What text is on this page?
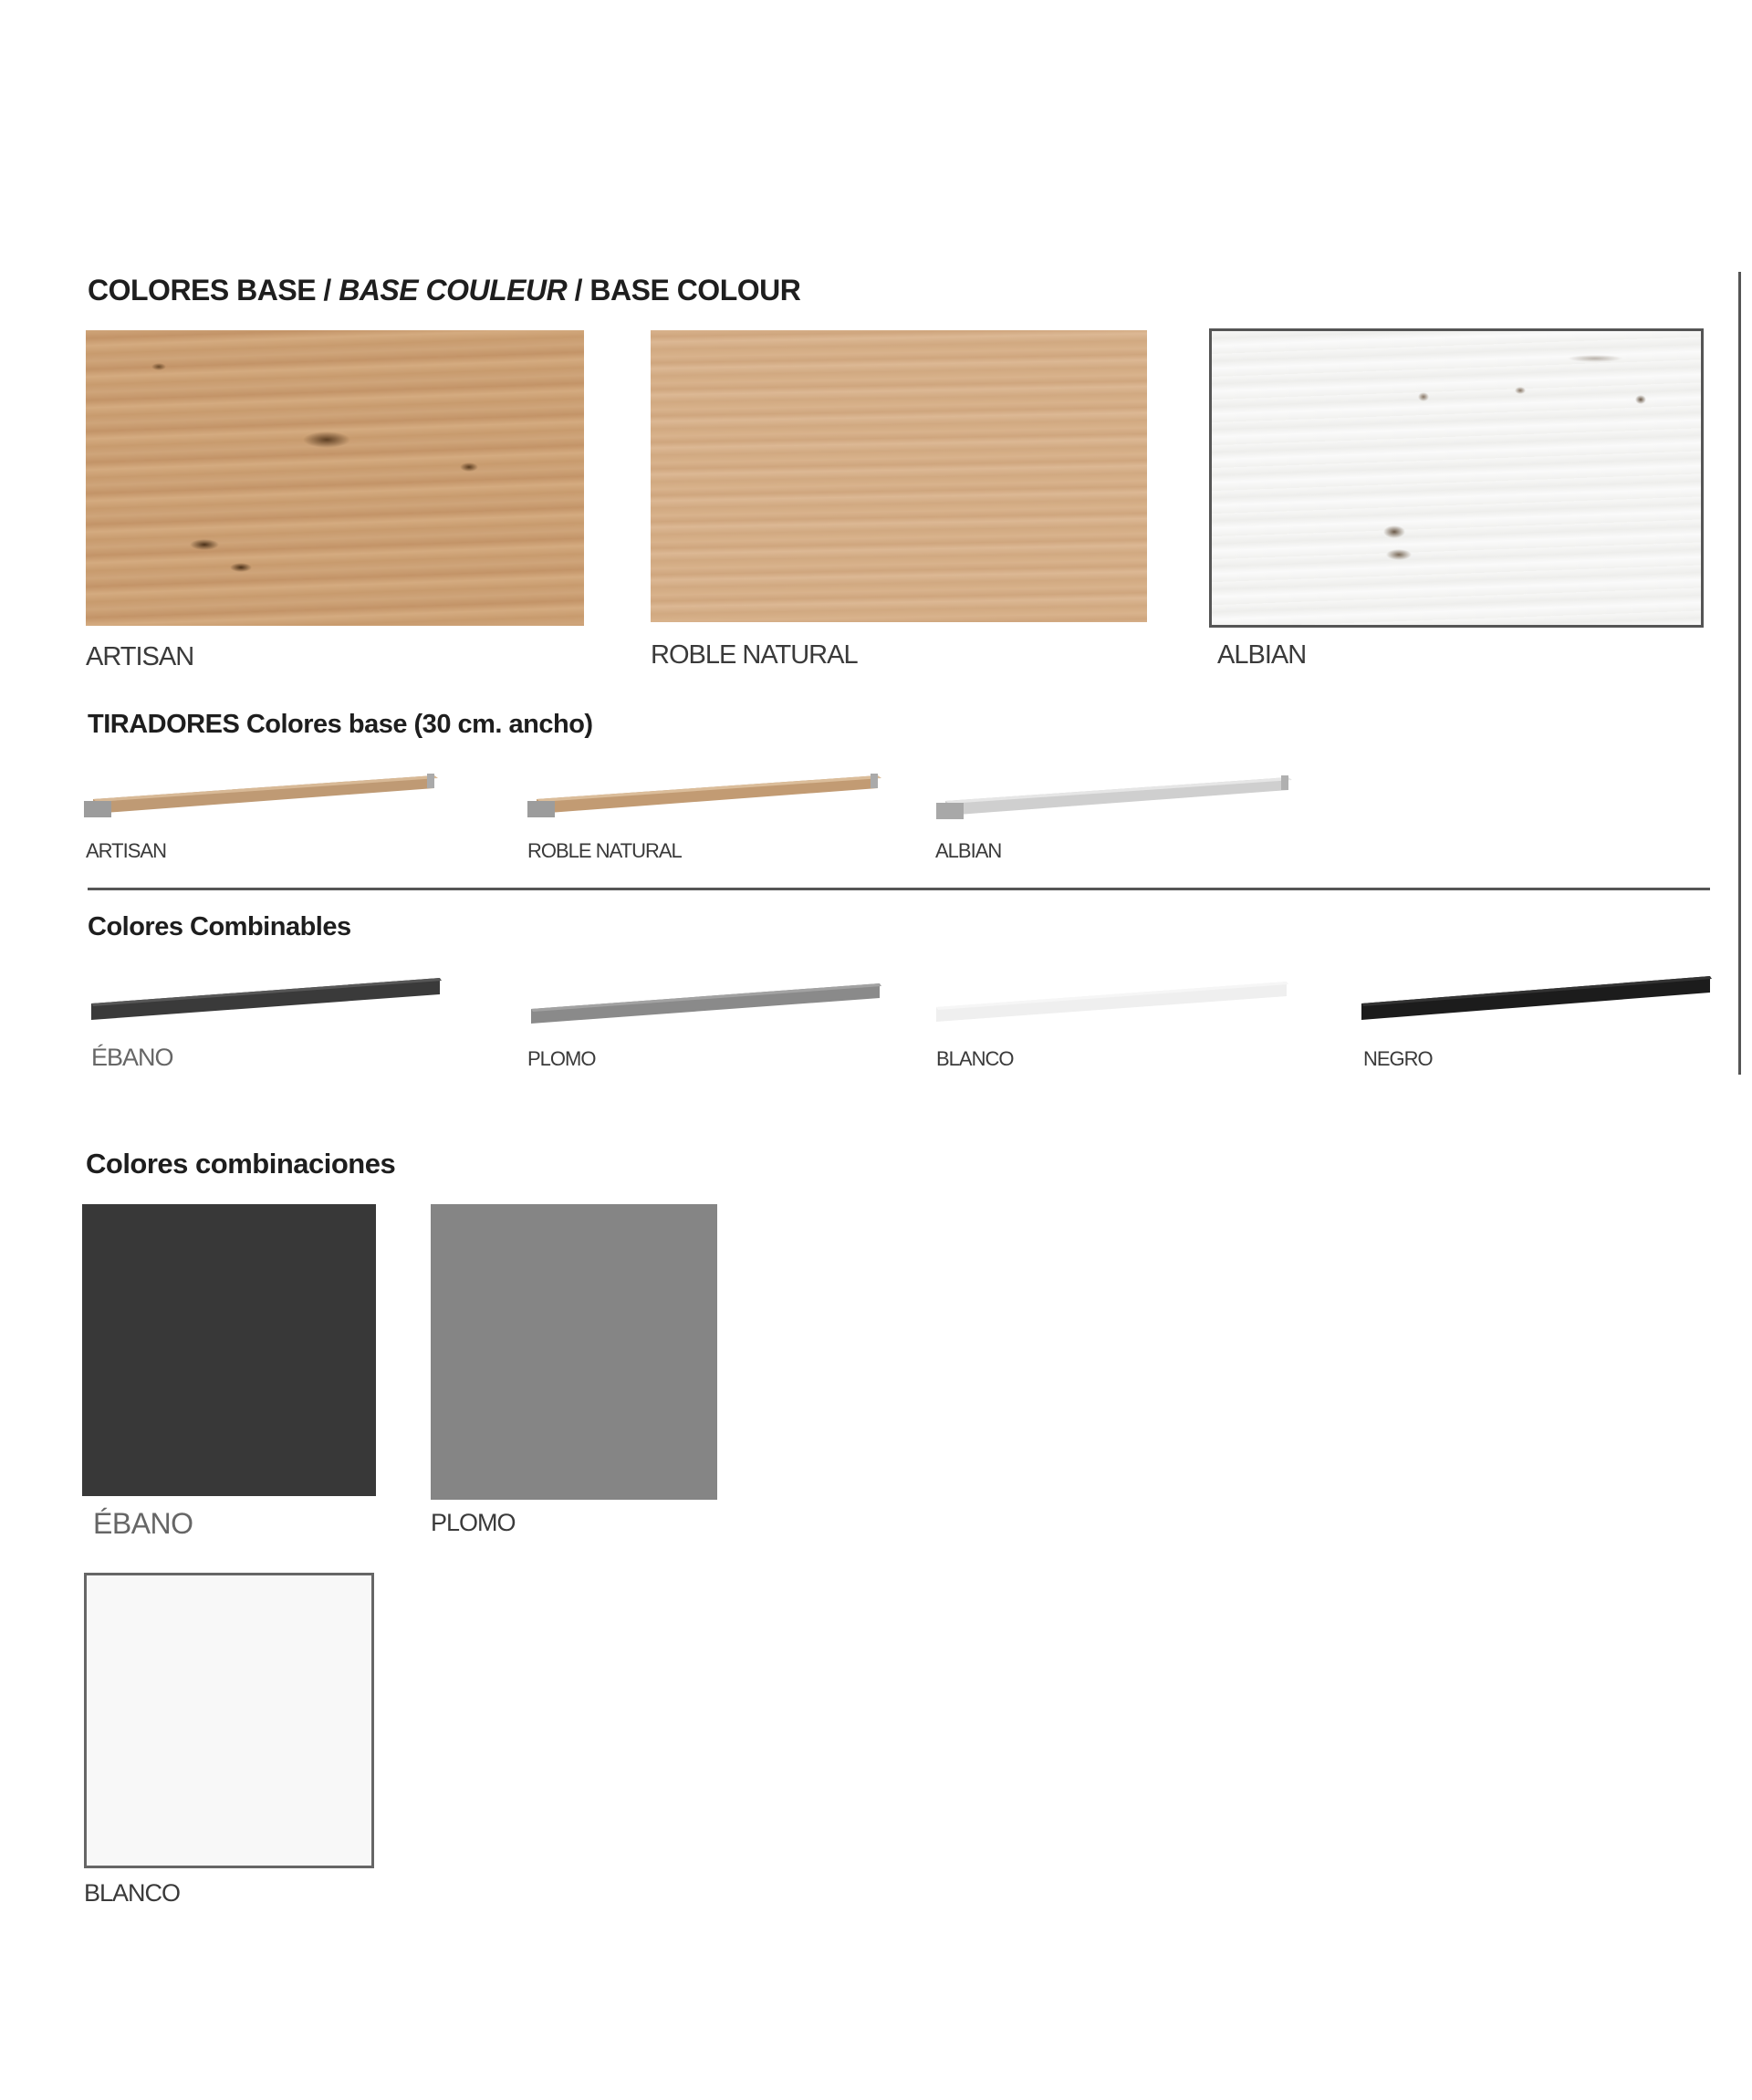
COLORES BASE / BASE COULEUR / BASE COLOUR
ARTISAN	ROBLE NATURAL	ALBIAN
TIRADORES Colores base (30 cm. ancho)
ARTISAN	ROBLE NATURAL	ALBIAN
Colores Combinables
ÉBANO	PLOMO	BLANCO	NEGRO
Colores combinaciones
ÉBANO	PLOMO
BLANCO
